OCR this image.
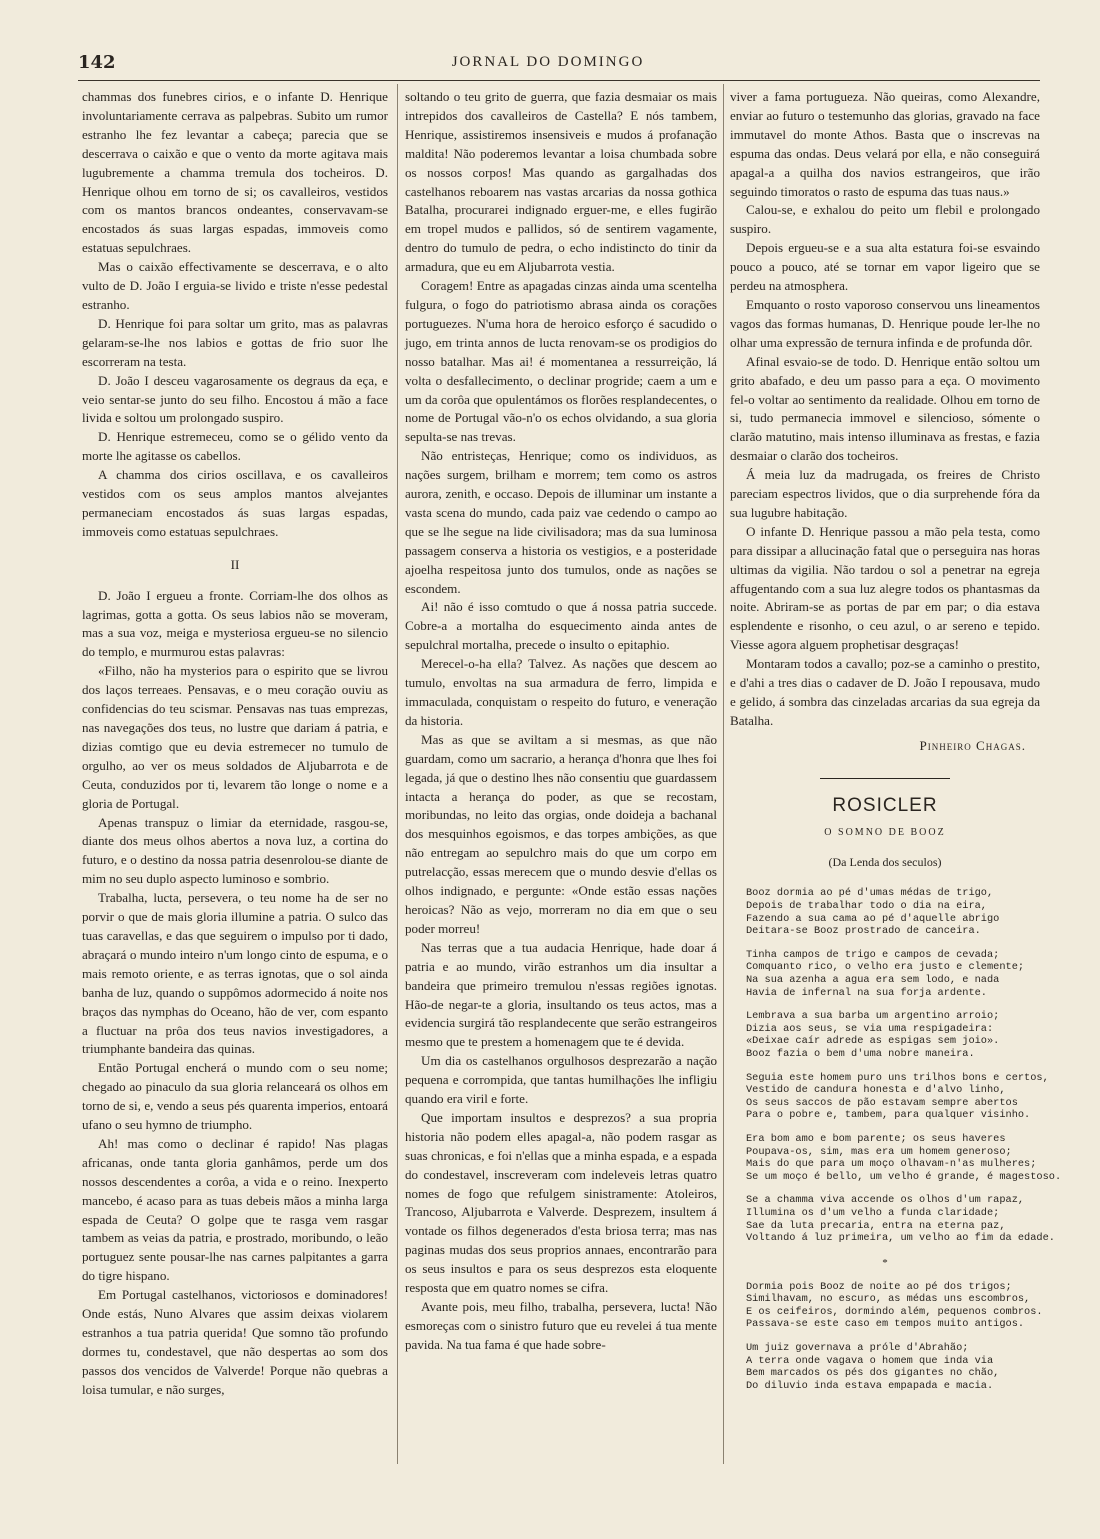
142	JORNAL DO DOMINGO

chammas dos funebres cirios, e o infante D. Henrique involuntariamente cerrava as palpebras. Subito um rumor estranho lhe fez levantar a cabeça; parecia que se descerrava o caixão e que o vento da morte agitava mais lugubremente a chamma tremula dos tocheiros. D. Henrique olhou em torno de si; os cavalleiros, vestidos com os mantos brancos ondeantes, conservavam-se encostados ás suas largas espadas, immoveis como estatuas sepulchraes.

Mas o caixão effectivamente se descerrava, e o alto vulto de D. João I erguia-se livido e triste n'esse pedestal estranho.

D. Henrique foi para soltar um grito, mas as palavras gelaram-se-lhe nos labios e gottas de frio suor lhe escorreram na testa.

D. João I desceu vagarosamente os degraus da eça, e veio sentar-se junto do seu filho. Encostou á mão a face livida e soltou um prolongado suspiro.

D. Henrique estremeceu, como se o gélido vento da morte lhe agitasse os cabellos.

A chamma dos cirios oscillava, e os cavalleiros vestidos com os seus amplos mantos alvejantes permaneciam encostados ás suas largas espadas, immoveis como estatuas sepulchraes.

II

D. João I ergueu a fronte. Corriam-lhe dos olhos as lagrimas, gotta a gotta. Os seus labios não se moveram, mas a sua voz, meiga e mysteriosa ergueu-se no silencio do templo, e murmurou estas palavras:

«Filho, não ha mysterios para o espirito que se livrou dos laços terreaes. Pensavas, e o meu coração ouviu as confidencias do teu scismar. Pensavas nas tuas emprezas, nas navegações dos teus, no lustre que dariam á patria, e dizias comtigo que eu devia estremecer no tumulo de orgulho, ao ver os meus soldados de Aljubarrota e de Ceuta, conduzidos por ti, levarem tão longe o nome e a gloria de Portugal.

Apenas transpuz o limiar da eternidade, rasgou-se, diante dos meus olhos abertos a nova luz, a cortina do futuro, e o destino da nossa patria desenrolou-se diante de mim no seu duplo aspecto luminoso e sombrio.

Trabalha, lucta, persevera, o teu nome ha de ser no porvir o que de mais gloria illumine a patria. O sulco das tuas caravellas, e das que seguirem o impulso por ti dado, abraçará o mundo inteiro n'um longo cinto de espuma, e o mais remoto oriente, e as terras ignotas, que o sol ainda banha de luz, quando o suppômos adormecido á noite nos braços das nymphas do Oceano, hão de ver, com espanto a fluctuar na prôa dos teus navios investigadores, a triumphante bandeira das quinas.

Então Portugal encherá o mundo com o seu nome; chegado ao pinaculo da sua gloria relanceará os olhos em torno de si, e, vendo a seus pés quarenta imperios, entoará ufano o seu hymno de triumpho.

Ah! mas como o declinar é rapido! Nas plagas africanas, onde tanta gloria ganhâmos, perde um dos nossos descendentes a corôa, a vida e o reino. Inexperto mancebo, é acaso para as tuas debeis mãos a minha larga espada de Ceuta? O golpe que te rasga vem rasgar tambem as veias da patria, e prostrado, moribundo, o leão portuguez sente pousar-lhe nas carnes palpitantes a garra do tigre hispano.

Em Portugal castelhanos, victoriosos e dominadores! Onde estás, Nuno Alvares que assim deixas violarem estranhos a tua patria querida! Que somno tão profundo dormes tu, condestavel, que não despertas ao som dos passos dos vencidos de Valverde! Porque não quebras a loisa tumular, e não surges,

soltando o teu grito de guerra, que fazia desmaiar os mais intrepidos dos cavalleiros de Castella? E nós tambem, Henrique, assistiremos insensiveis e mudos á profanação maldita! Não poderemos levantar a loisa chumbada sobre os nossos corpos! Mas quando as gargalhadas dos castelhanos reboarem nas vastas arcarias da nossa gothica Batalha, procurarei indignado erguer-me, e elles fugirão em tropel mudos e pallidos, só de sentirem vagamente, dentro do tumulo de pedra, o echo indistincto do tinir da armadura, que eu em Aljubarrota vestia.

Coragem! Entre as apagadas cinzas ainda uma scentelha fulgura, o fogo do patriotismo abrasa ainda os corações portuguezes. N'uma hora de heroico esforço é sacudido o jugo, em trinta annos de lucta renovam-se os prodigios do nosso batalhar. Mas ai! é momentanea a ressurreição, lá volta o desfallecimento, o declinar progride; caem a um e um da corôa que opulentámos os florões resplandecentes, o nome de Portugal vão-n'o os echos olvidando, a sua gloria sepulta-se nas trevas.

Não entristeças, Henrique; como os individuos, as nações surgem, brilham e morrem; tem como os astros aurora, zenith, e occaso. Depois de illuminar um instante a vasta scena do mundo, cada paiz vae cedendo o campo ao que se lhe segue na lide civilisadora; mas da sua luminosa passagem conserva a historia os vestigios, e a posteridade ajoelha respeitosa junto dos tumulos, onde as nações se escondem.

Ai! não é isso comtudo o que á nossa patria succede. Cobre-a a mortalha do esquecimento ainda antes de sepulchral mortalha, precede o insulto o epitaphio.

Merecel-o-ha ella? Talvez. As nações que descem ao tumulo, envoltas na sua armadura de ferro, limpida e immaculada, conquistam o respeito do futuro, e veneração da historia.

Mas as que se aviltam a si mesmas, as que não guardam, como um sacrario, a herança d'honra que lhes foi legada, já que o destino lhes não consentiu que guardassem intacta a herança do poder, as que se recostam, moribundas, no leito das orgias, onde doideja a bachanal dos mesquinhos egoismos, e das torpes ambições, as que não entregam ao sepulchro mais do que um corpo em putrelacção, essas merecem que o mundo desvie d'ellas os olhos indignado, e pergunte: «Onde estão essas nações heroicas? Não as vejo, morreram no dia em que o seu poder morreu!

Nas terras que a tua audacia Henrique, hade doar á patria e ao mundo, virão estranhos um dia insultar a bandeira que primeiro tremulou n'essas regiões ignotas. Hão-de negar-te a gloria, insultando os teus actos, mas a evidencia surgirá tão resplandecente que serão estrangeiros mesmo que te prestem a homenagem que te é devida.

Um dia os castelhanos orgulhosos desprezarão a nação pequena e corrompida, que tantas humilhações lhe infligiu quando era viril e forte.

Que importam insultos e desprezos? a sua propria historia não podem elles apagal-a, não podem rasgar as suas chronicas, e foi n'ellas que a minha espada, e a espada do condestavel, inscreveram com indeleveis letras quatro nomes de fogo que refulgem sinistramente: Atoleiros, Trancoso, Aljubarrota e Valverde. Desprezem, insultem á vontade os filhos degenerados d'esta briosa terra; mas nas paginas mudas dos seus proprios annaes, encontrarão para os seus insultos e para os seus desprezos esta eloquente resposta que em quatro nomes se cifra.

Avante pois, meu filho, trabalha, persevera, lucta! Não esmoreças com o sinistro futuro que eu revelei á tua mente pavida. Na tua fama é que hade sobre-

viver a fama portugueza. Não queiras, como Alexandre, enviar ao futuro o testemunho das glorias, gravado na face immutavel do monte Athos. Basta que o inscrevas na espuma das ondas. Deus velará por ella, e não conseguirá apagal-a a quilha dos navios estrangeiros, que irão seguindo timoratos o rasto de espuma das tuas naus.»

Calou-se, e exhalou do peito um flebil e prolongado suspiro.

Depois ergueu-se e a sua alta estatura foi-se esvaindo pouco a pouco, até se tornar em vapor ligeiro que se perdeu na atmosphera.

Emquanto o rosto vaporoso conservou uns lineamentos vagos das formas humanas, D. Henrique poude ler-lhe no olhar uma expressão de ternura infinda e de profunda dôr.

Afinal esvaio-se de todo. D. Henrique então soltou um grito abafado, e deu um passo para a eça. O movimento fel-o voltar ao sentimento da realidade. Olhou em torno de si, tudo permanecia immovel e silencioso, sómente o clarão matutino, mais intenso illuminava as frestas, e fazia desmaiar o clarão dos tocheiros.

Á meia luz da madrugada, os freires de Christo pareciam espectros lividos, que o dia surprehende fóra da sua lugubre habitação.

O infante D. Henrique passou a mão pela testa, como para dissipar a allucinação fatal que o perseguira nas horas ultimas da vigilia. Não tardou o sol a penetrar na egreja affugentando com a sua luz alegre todos os phantasmas da noite. Abriram-se as portas de par em par; o dia estava esplendente e risonho, o ceu azul, o ar sereno e tepido. Viesse agora alguem prophetisar desgraças!

Montaram todos a cavallo; poz-se a caminho o prestito, e d'ahi a tres dias o cadaver de D. João I repousava, mudo e gelido, á sombra das cinzeladas arcarias da sua egreja da Batalha.

Pinheiro Chagas.
ROSICLER
O SOMNO DE BOOZ
(Da Lenda dos seculos)
Booz dormia ao pé d'umas médas de trigo,
Depois de trabalhar todo o dia na eira,
Fazendo a sua cama ao pé d'aquelle abrigo
Deitara-se Booz prostrado de canceira.
Tinha campos de trigo e campos de cevada;
Comquanto rico, o velho era justo e clemente;
Na sua azenha a agua era sem lodo, e nada
Havia de infernal na sua forja ardente.
Lembrava a sua barba um argentino arroio;
Dizia aos seus, se via uma respigadeira:
«Deixae caír adrede as espigas sem joio».
Booz fazia o bem d'uma nobre maneira.
Seguia este homem puro uns trilhos bons e certos,
Vestido de candura honesta e d'alvo linho,
Os seus saccos de pão estavam sempre abertos
Para o pobre e, tambem, para qualquer visinho.
Era bom amo e bom parente; os seus haveres
Poupava-os, sim, mas era um homem generoso;
Mais do que para um moço olhavam-n'as mulheres;
Se um moço é bello, um velho é grande, é magestoso.
Se a chamma viva accende os olhos d'um rapaz,
Illumina os d'um velho a funda claridade;
Sae da luta precaria, entra na eterna paz,
Voltando á luz primeira, um velho ao fim da edade.
*
Dormia pois Booz de noite ao pé dos trigos;
Similhavam, no escuro, as médas uns escombros,
E os ceifeiros, dormindo além, pequenos combros.
Passava-se este caso em tempos muito antigos.
Um juiz governava a próle d'Abrahão;
A terra onde vagava o homem que inda via
Bem marcados os pés dos gigantes no chão,
Do diluvio inda estava empapada e macia.
